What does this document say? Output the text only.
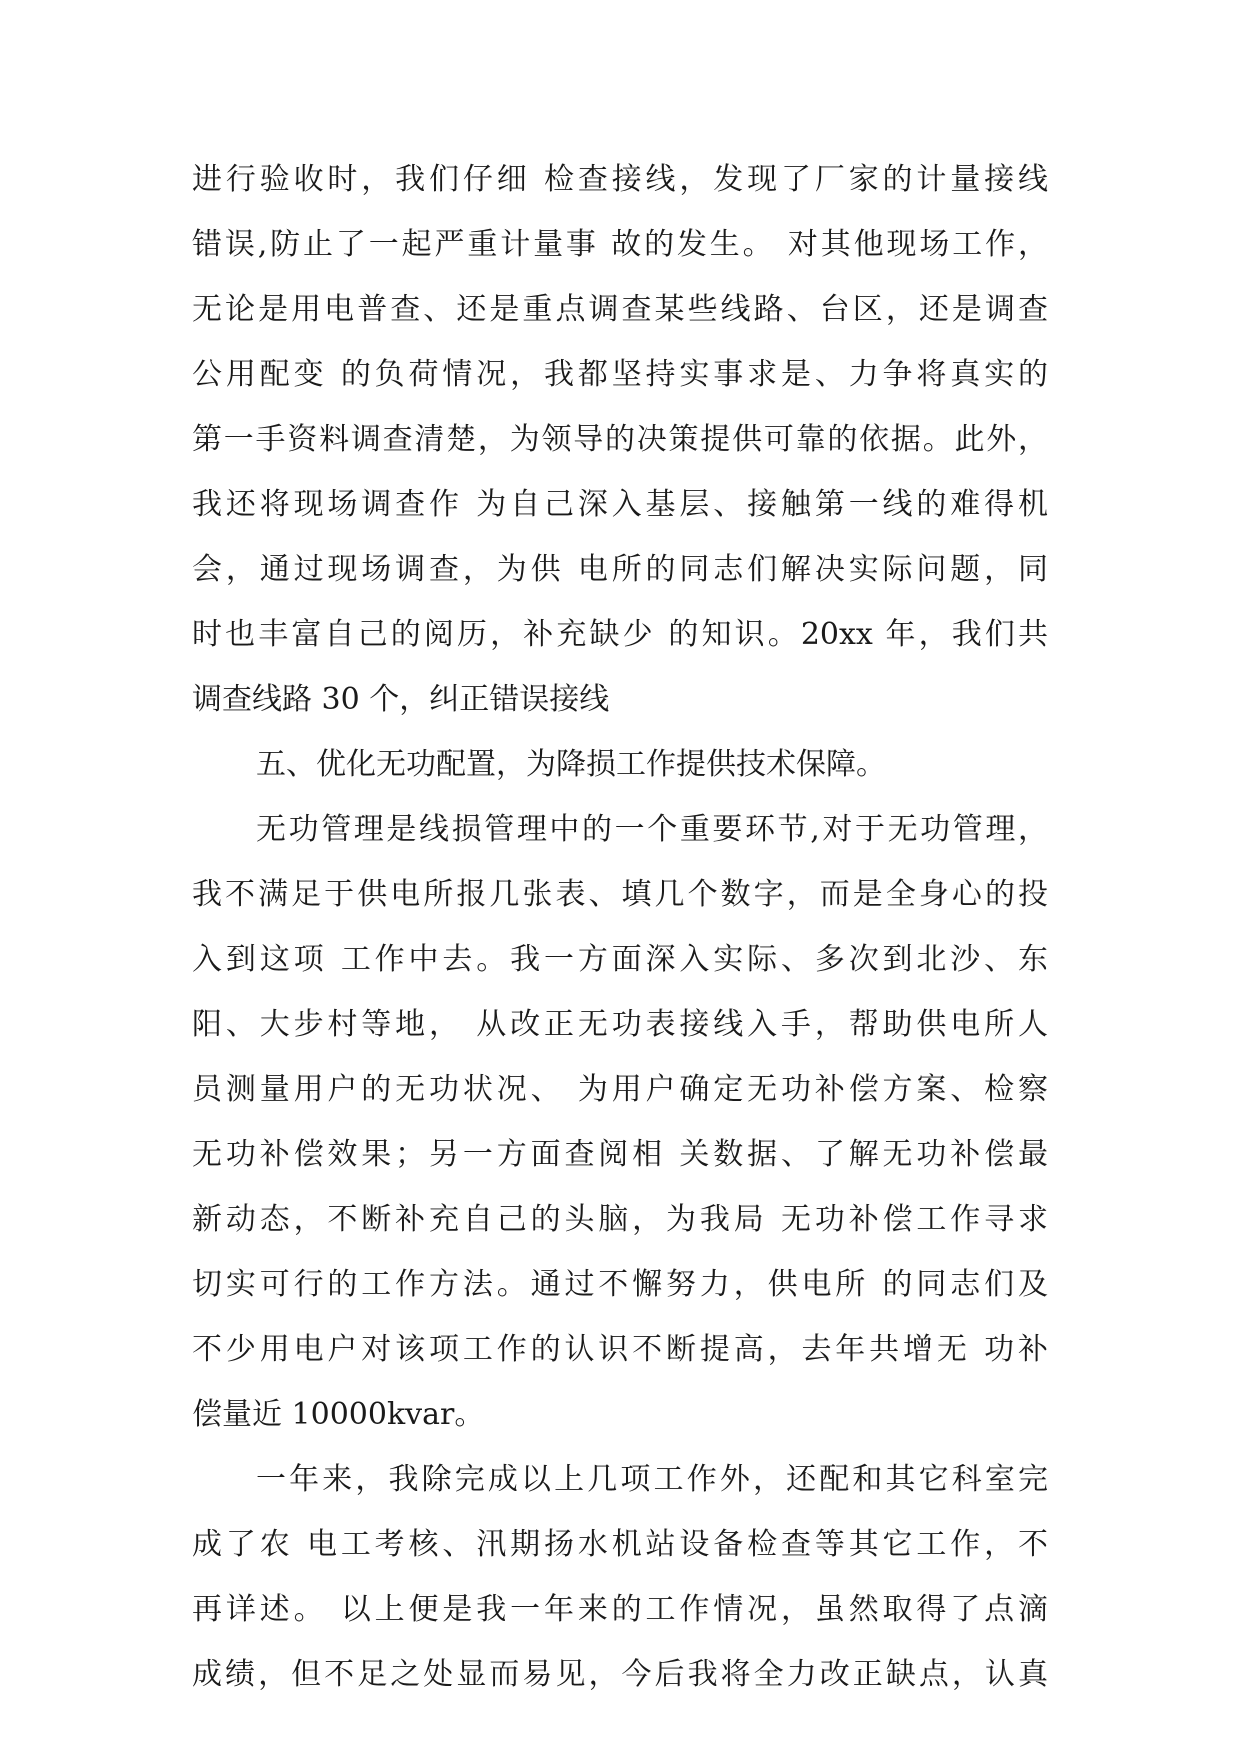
进行验收时，我们仔细 检查接线，发现了厂家的计量接线
错误,防止了一起严重计量事 故的发生。 对其他现场工作，
无论是用电普查、还是重点调查某些线路、台区，还是调查
公用配变 的负荷情况，我都坚持实事求是、力争将真实的
第一手资料调查清楚，为领导的决策提供可靠的依据。此外，
我还将现场调查作 为自己深入基层、接触第一线的难得机
会，通过现场调查，为供 电所的同志们解决实际问题，同
时也丰富自己的阅历，补充缺少 的知识。20xx 年，我们共
调查线路 30 个，纠正错误接线
五、优化无功配置，为降损工作提供技术保障。
无功管理是线损管理中的一个重要环节,对于无功管理，
我不满足于供电所报几张表、填几个数字，而是全身心的投
入到这项 工作中去。我一方面深入实际、多次到北沙、东
阳、大步村等地， 从改正无功表接线入手，帮助供电所人
员测量用户的无功状况、 为用户确定无功补偿方案、检察
无功补偿效果；另一方面查阅相 关数据、了解无功补偿最
新动态，不断补充自己的头脑，为我局 无功补偿工作寻求
切实可行的工作方法。通过不懈努力，供电所 的同志们及
不少用电户对该项工作的认识不断提高，去年共增无 功补
偿量近 10000kvar。
一年来，我除完成以上几项工作外，还配和其它科室完
成了农 电工考核、汛期扬水机站设备检查等其它工作，不
再详述。 以上便是我一年来的工作情况，虽然取得了点滴
成绩，但不足之处显而易见，今后我将全力改正缺点，认真
